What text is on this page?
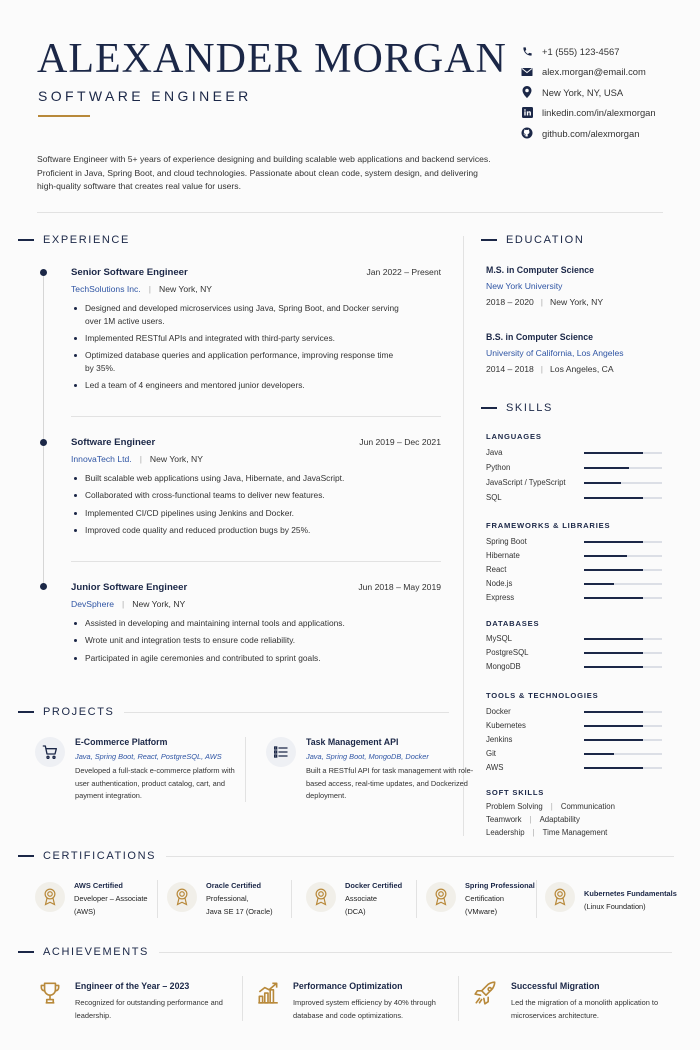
ALEXANDER MORGAN
SOFTWARE ENGINEER
+1 (555) 123-4567
alex.morgan@email.com
New York, NY, USA
linkedin.com/in/alexmorgan
github.com/alexmorgan

Software Engineer with 5+ years of experience designing and building scalable web applications and backend services. Proficient in Java, Spring Boot, and cloud technologies. Passionate about clean code, system design, and delivering high-quality software that creates real value for users.

EXPERIENCE
Senior Software Engineer	Jan 2022 – Present
TechSolutions Inc. | New York, NY
Designed and developed microservices using Java, Spring Boot, and Docker serving over 1M active users.
Implemented RESTful APIs and integrated with third-party services.
Optimized database queries and application performance, improving response time by 35%.
Led a team of 4 engineers and mentored junior developers.
Software Engineer	Jun 2019 – Dec 2021
InnovaTech Ltd. | New York, NY
Built scalable web applications using Java, Hibernate, and JavaScript.
Collaborated with cross-functional teams to deliver new features.
Implemented CI/CD pipelines using Jenkins and Docker.
Improved code quality and reduced production bugs by 25%.
Junior Software Engineer	Jun 2018 – May 2019
DevSphere | New York, NY
Assisted in developing and maintaining internal tools and applications.
Wrote unit and integration tests to ensure code reliability.
Participated in agile ceremonies and contributed to sprint goals.
EDUCATION
M.S. in Computer Science
New York University
2018 – 2020 | New York, NY
B.S. in Computer Science
University of California, Los Angeles
2014 – 2018 | Los Angeles, CA
SKILLS
LANGUAGES
Java
Python
JavaScript / TypeScript
SQL
FRAMEWORKS & LIBRARIES
Spring Boot
Hibernate
React
Node.js
Express
DATABASES
MySQL
PostgreSQL
MongoDB
TOOLS & TECHNOLOGIES
Docker
Kubernetes
Jenkins
Git
AWS
SOFT SKILLS
Problem Solving | Communication
Teamwork | Adaptability
Leadership | Time Management
PROJECTS
E-Commerce Platform
Java, Spring Boot, React, PostgreSQL, AWS
Developed a full-stack e-commerce platform with user authentication, product catalog, cart, and payment integration.
Task Management API
Java, Spring Boot, MongoDB, Docker
Built a RESTful API for task management with role-based access, real-time updates, and Dockerized deployment.
CERTIFICATIONS
AWS Certified
Developer – Associate
(AWS)
Oracle Certified
Professional,
Java SE 17 (Oracle)
Docker Certified
Associate
(DCA)
Spring Professional
Certification
(VMware)
Kubernetes Fundamentals
(Linux Foundation)
ACHIEVEMENTS
Engineer of the Year – 2023
Recognized for outstanding performance and leadership.
Performance Optimization
Improved system efficiency by 40% through database and code optimizations.
Successful Migration
Led the migration of a monolith application to microservices architecture.
